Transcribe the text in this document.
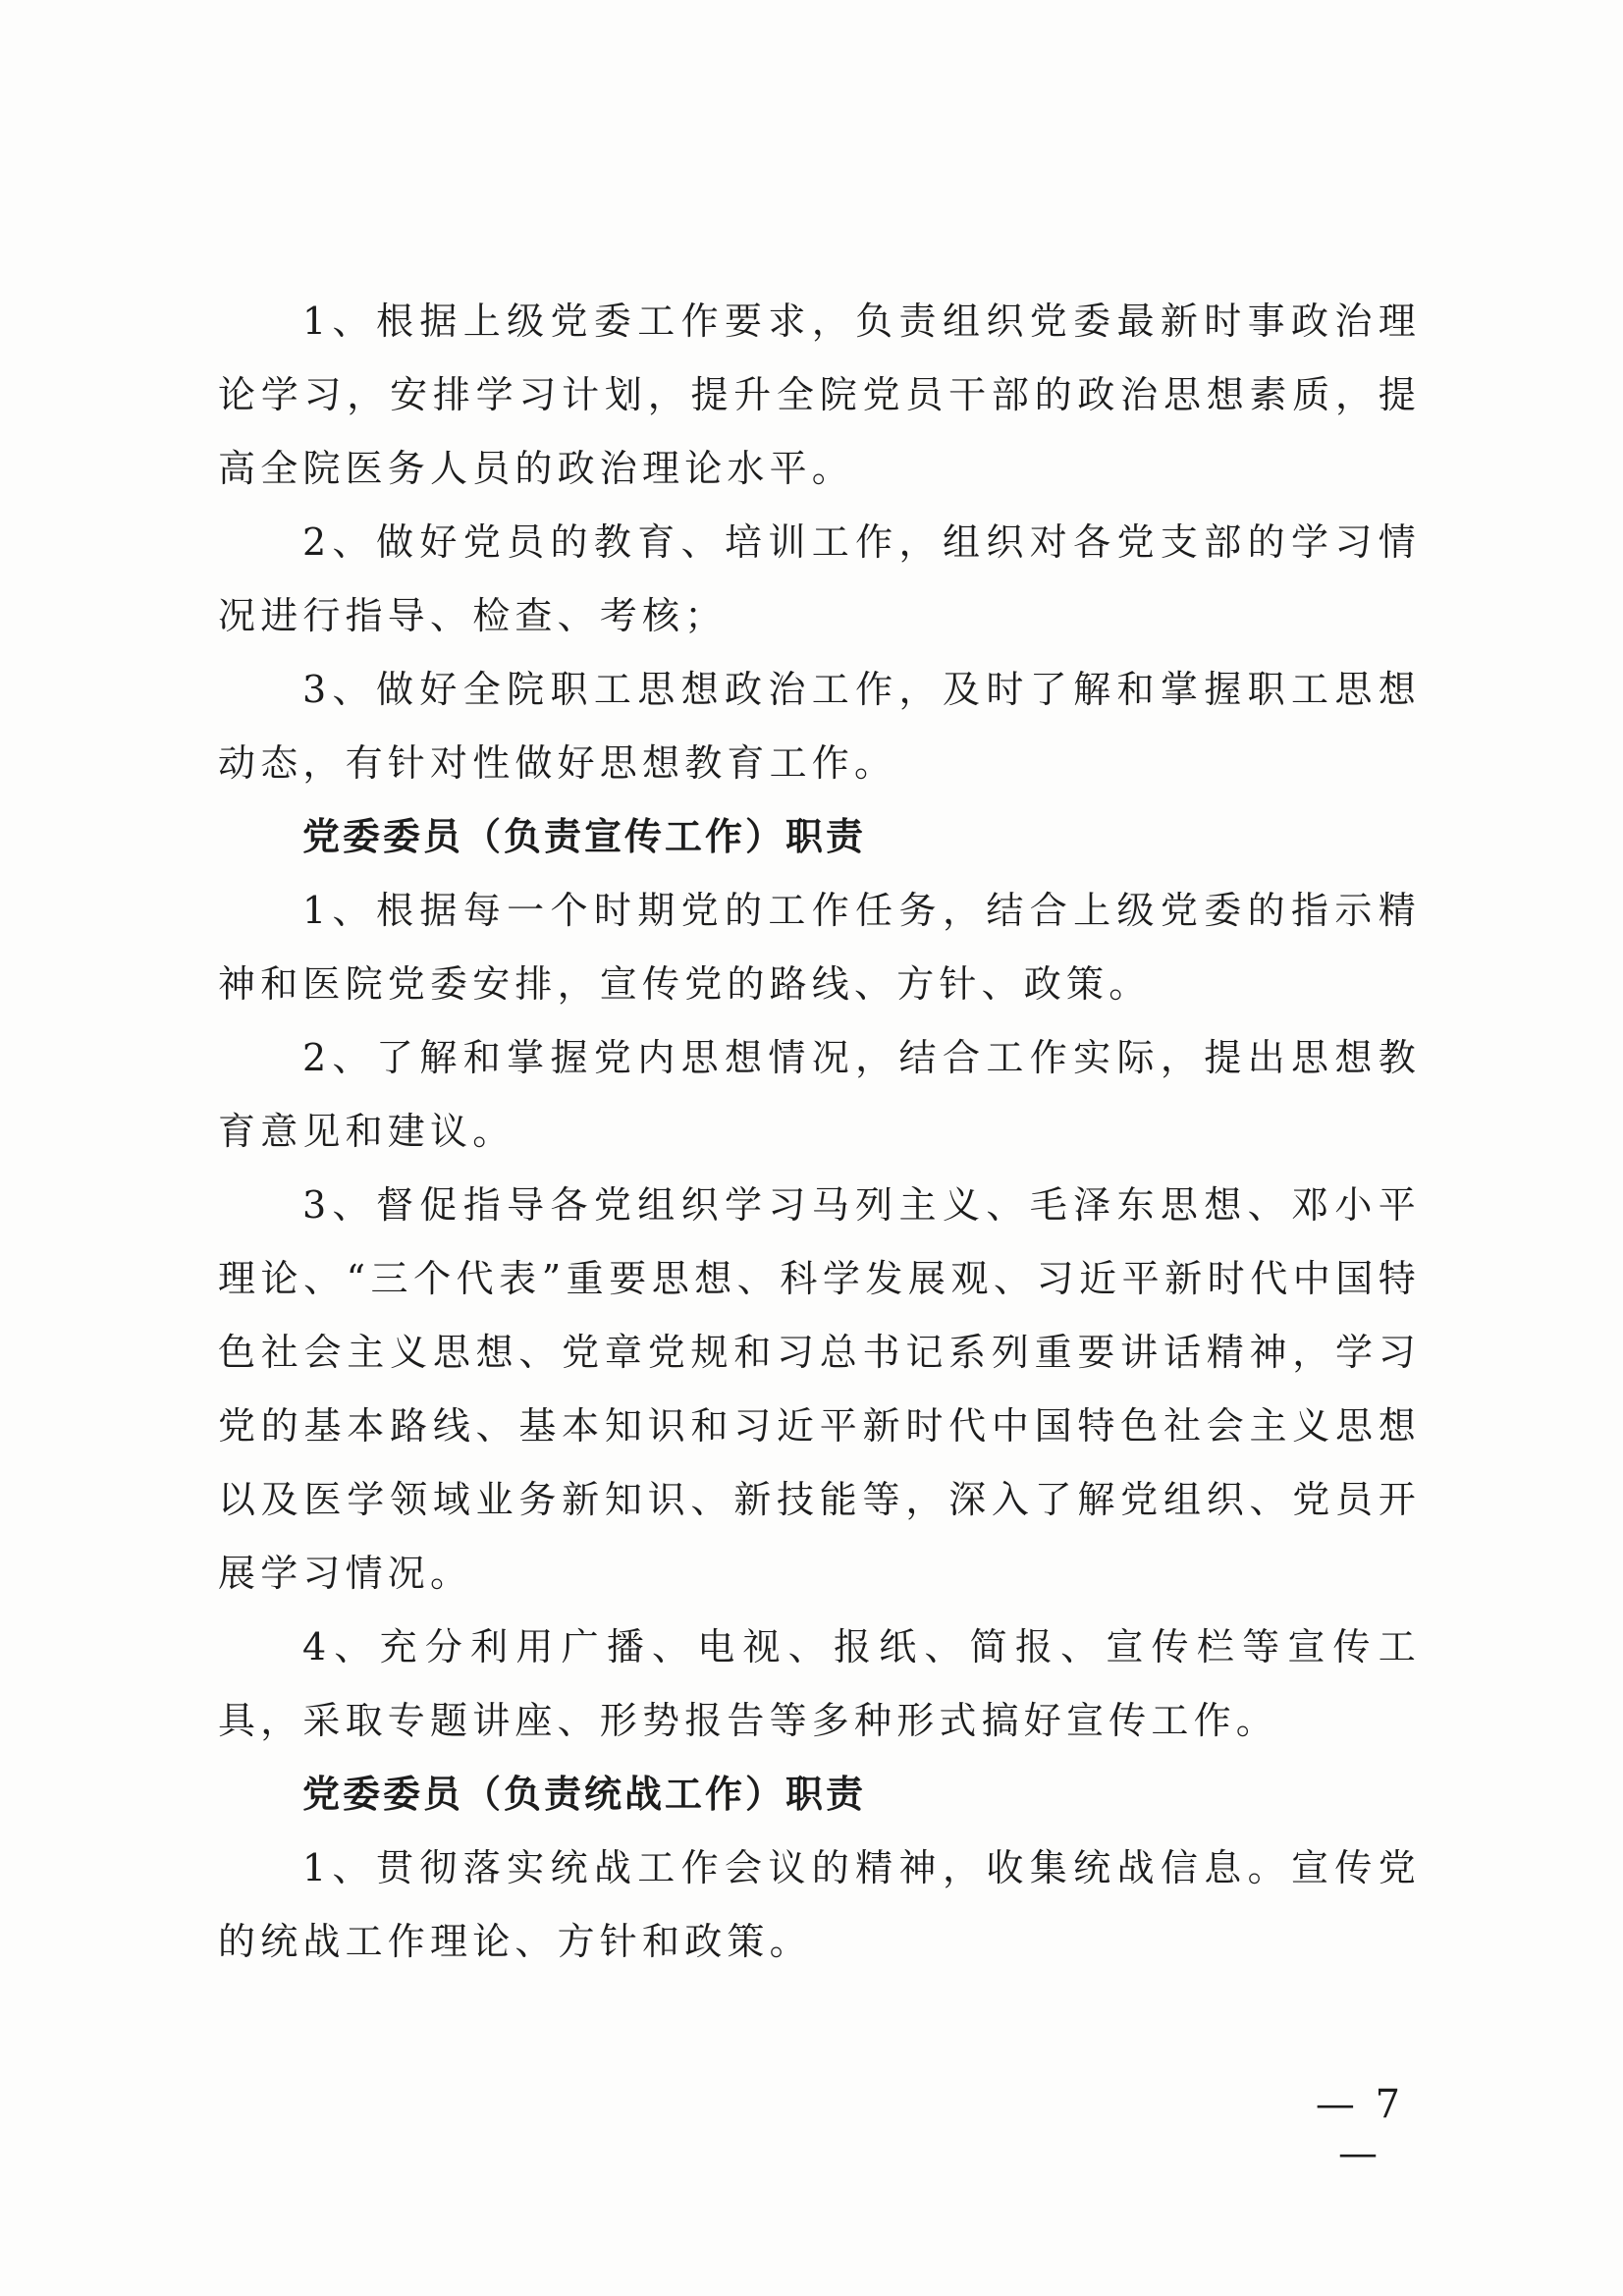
1、根据上级党委工作要求，负责组织党委最新时事政治理论学习，安排学习计划，提升全院党员干部的政治思想素质，提高全院医务人员的政治理论水平。

2、做好党员的教育、培训工作，组织对各党支部的学习情况进行指导、检查、考核；

3、做好全院职工思想政治工作，及时了解和掌握职工思想动态，有针对性做好思想教育工作。

党委委员（负责宣传工作）职责

1、根据每一个时期党的工作任务，结合上级党委的指示精神和医院党委安排，宣传党的路线、方针、政策。

2、了解和掌握党内思想情况，结合工作实际，提出思想教育意见和建议。

3、督促指导各党组织学习马列主义、毛泽东思想、邓小平理论、“三个代表”重要思想、科学发展观、习近平新时代中国特色社会主义思想、党章党规和习总书记系列重要讲话精神，学习党的基本路线、基本知识和习近平新时代中国特色社会主义思想以及医学领域业务新知识、新技能等，深入了解党组织、党员开展学习情况。

4、充分利用广播、电视、报纸、简报、宣传栏等宣传工具，采取专题讲座、形势报告等多种形式搞好宣传工作。

党委委员（负责统战工作）职责

1、贯彻落实统战工作会议的精神，收集统战信息。宣传党的统战工作理论、方针和政策。

— 7 —
